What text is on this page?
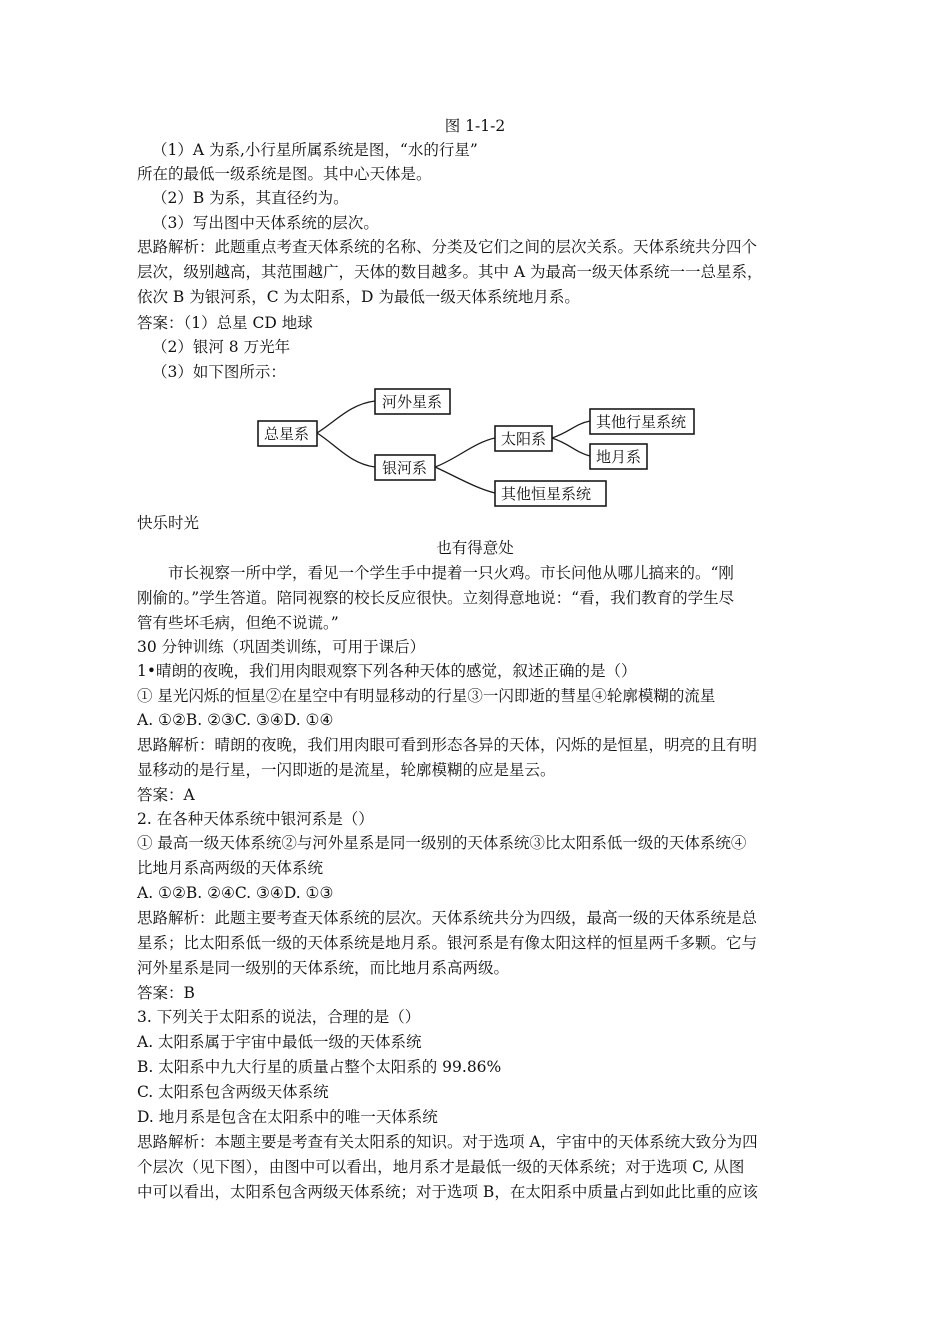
图 1-1-2
（1）A 为系,小行星所属系统是图，“水的行星”
所在的最低一级系统是图。其中心天体是。
（2）B 为系，其直径约为。
（3）写出图中天体系统的层次。
思路解析：此题重点考查天体系统的名称、分类及它们之间的层次关系。天体系统共分四个
层次，级别越高，其范围越广，天体的数目越多。其中 A 为最高一级天体系统一一总星系，
依次 B 为银河系，C 为太阳系，D 为最低一级天体系统地月系。
答案：（1）总星 CD 地球
（2）银河 8 万光年
（3）如下图所示：
总星系
河外星系
银河系
太阳系
其他恒星系统
其他行星系统
地月系
快乐时光
也有得意处
市长视察一所中学，看见一个学生手中提着一只火鸡。市长问他从哪儿搞来的。“刚
刚偷的。”学生答道。陪同视察的校长反应很快。立刻得意地说：“看，我们教育的学生尽
管有些坏毛病，但绝不说谎。”
30 分钟训练（巩固类训练，可用于课后）
1•晴朗的夜晚，我们用肉眼观察下列各种天体的感觉，叙述正确的是（）
① 星光闪烁的恒星②在星空中有明显移动的行星③一闪即逝的彗星④轮廓模糊的流星
A. ①②B. ②③C. ③④D. ①④
思路解析：晴朗的夜晚，我们用肉眼可看到形态各异的天体，闪烁的是恒星，明亮的且有明
显移动的是行星，一闪即逝的是流星，轮廓模糊的应是星云。
答案：A
2. 在各种天体系统中银河系是（）
① 最高一级天体系统②与河外星系是同一级别的天体系统③比太阳系低一级的天体系统④
比地月系高两级的天体系统
A. ①②B. ②④C. ③④D. ①③
思路解析：此题主要考查天体系统的层次。天体系统共分为四级，最高一级的天体系统是总
星系；比太阳系低一级的天体系统是地月系。银河系是有像太阳这样的恒星两千多颗。它与
河外星系是同一级别的天体系统，而比地月系高两级。
答案：B
3. 下列关于太阳系的说法，合理的是（）
A. 太阳系属于宇宙中最低一级的天体系统
B. 太阳系中九大行星的质量占整个太阳系的 99.86%
C. 太阳系包含两级天体系统
D. 地月系是包含在太阳系中的唯一天体系统
思路解析：本题主要是考查有关太阳系的知识。对于选项 A，宇宙中的天体系统大致分为四
个层次（见下图），由图中可以看出，地月系才是最低一级的天体系统；对于选项 C, 从图
中可以看出，太阳系包含两级天体系统；对于选项 B，在太阳系中质量占到如此比重的应该
